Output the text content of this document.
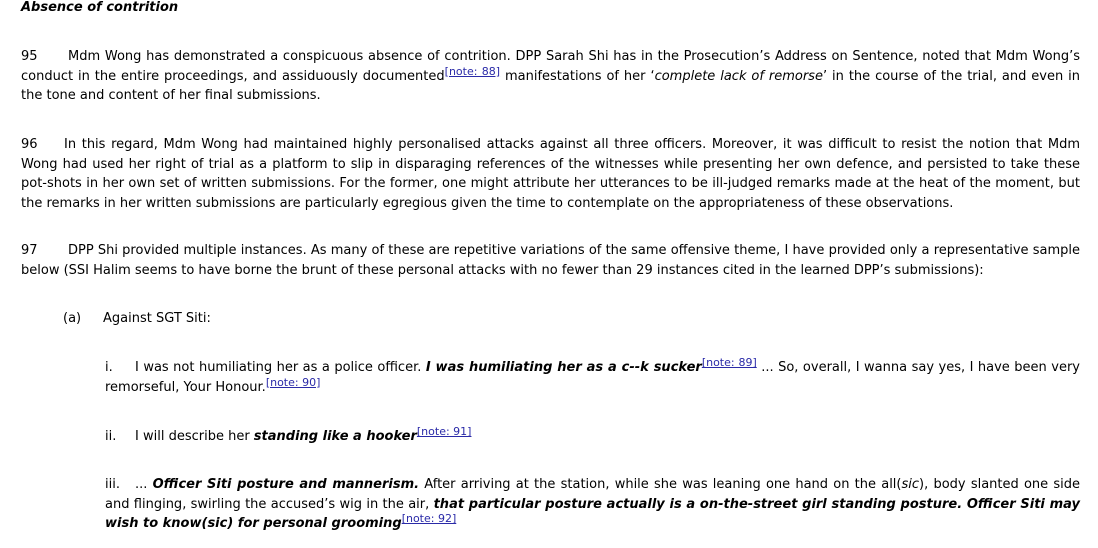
Absence of contrition

95 Mdm Wong has demonstrated a conspicuous absence of contrition. DPP Sarah Shi has in the Prosecution’s Address on Sentence, noted that Mdm Wong’s conduct in the entire proceedings, and assiduously documented[note: 88] manifestations of her ‘complete lack of remorse’ in the course of the trial, and even in the tone and content of her final submissions.

96 In this regard, Mdm Wong had maintained highly personalised attacks against all three officers. Moreover, it was difficult to resist the notion that Mdm Wong had used her right of trial as a platform to slip in disparaging references of the witnesses while presenting her own defence, and persisted to take these pot-shots in her own set of written submissions. For the former, one might attribute her utterances to be ill-judged remarks made at the heat of the moment, but the remarks in her written submissions are particularly egregious given the time to contemplate on the appropriateness of these observations.

97 DPP Shi provided multiple instances. As many of these are repetitive variations of the same offensive theme, I have provided only a representative sample below (SSI Halim seems to have borne the brunt of these personal attacks with no fewer than 29 instances cited in the learned DPP’s submissions):

(a) Against SGT Siti:

i. I was not humiliating her as a police officer. I was humiliating her as a c--k sucker[note: 89] ... So, overall, I wanna say yes, I have been very remorseful, Your Honour.[note: 90]

ii. I will describe her standing like a hooker[note: 91]

iii. ... Officer Siti posture and mannerism. After arriving at the station, while she was leaning one hand on the all(sic), body slanted one side and flinging, swirling the accused’s wig in the air, that particular posture actually is a on-the-street girl standing posture. Officer Siti may wish to know(sic) for personal grooming[note: 92]
